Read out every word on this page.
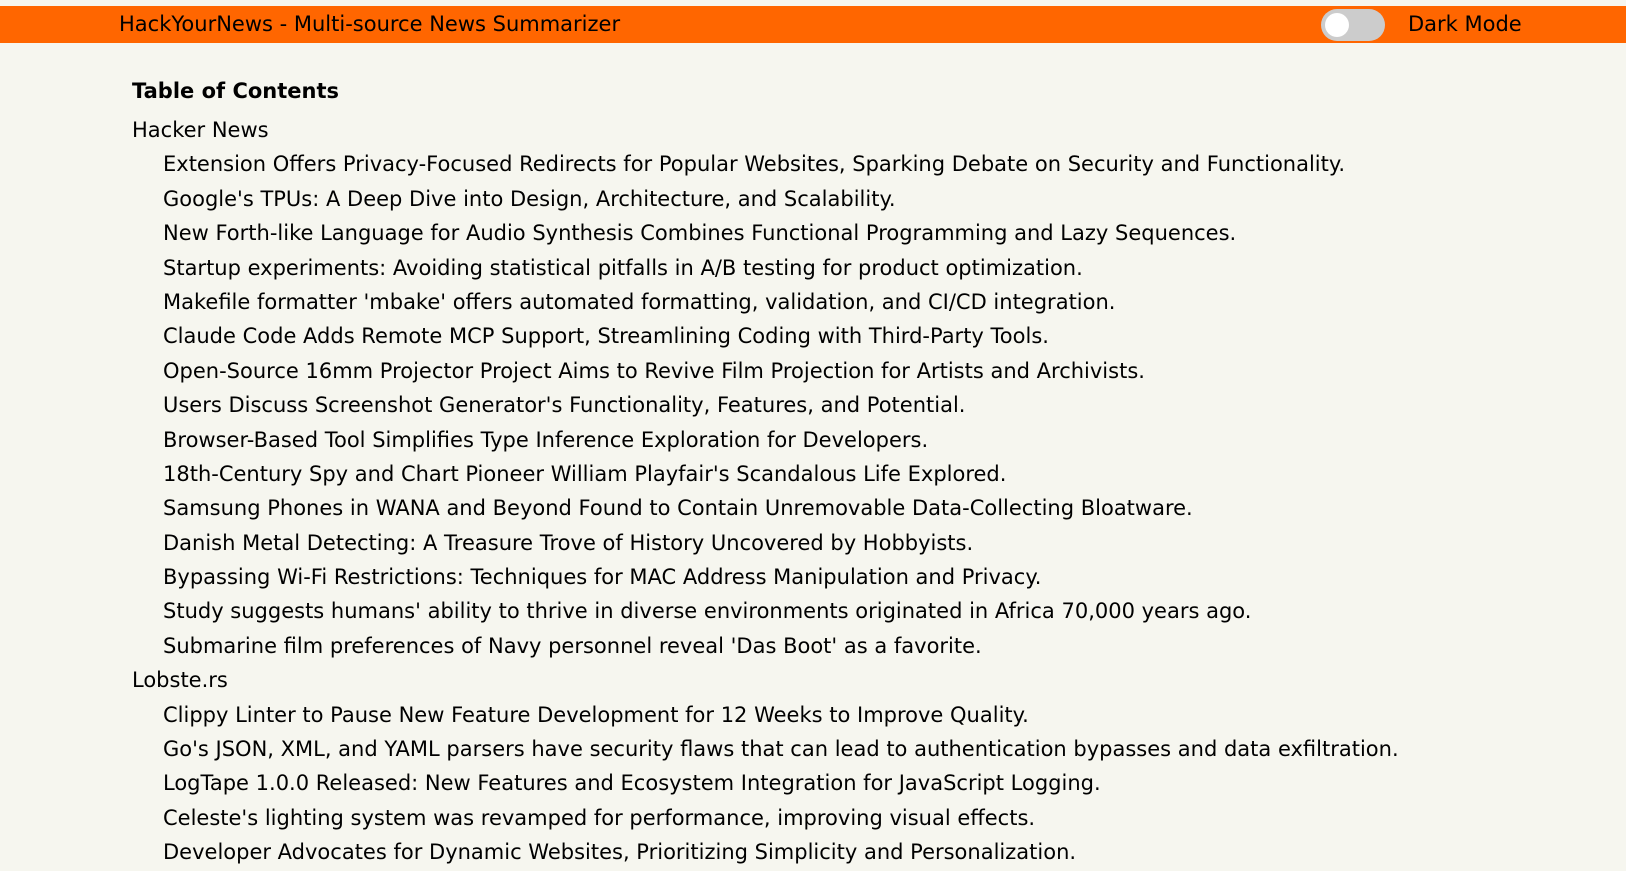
HackYourNews - Multi-source News Summarizer	Dark Mode
Table of Contents
Hacker News
Extension Offers Privacy-Focused Redirects for Popular Websites, Sparking Debate on Security and Functionality.
Google's TPUs: A Deep Dive into Design, Architecture, and Scalability.
New Forth-like Language for Audio Synthesis Combines Functional Programming and Lazy Sequences.
Startup experiments: Avoiding statistical pitfalls in A/B testing for product optimization.
Makefile formatter 'mbake' offers automated formatting, validation, and CI/CD integration.
Claude Code Adds Remote MCP Support, Streamlining Coding with Third-Party Tools.
Open-Source 16mm Projector Project Aims to Revive Film Projection for Artists and Archivists.
Users Discuss Screenshot Generator's Functionality, Features, and Potential.
Browser-Based Tool Simplifies Type Inference Exploration for Developers.
18th-Century Spy and Chart Pioneer William Playfair's Scandalous Life Explored.
Samsung Phones in WANA and Beyond Found to Contain Unremovable Data-Collecting Bloatware.
Danish Metal Detecting: A Treasure Trove of History Uncovered by Hobbyists.
Bypassing Wi-Fi Restrictions: Techniques for MAC Address Manipulation and Privacy.
Study suggests humans' ability to thrive in diverse environments originated in Africa 70,000 years ago.
Submarine film preferences of Navy personnel reveal 'Das Boot' as a favorite.
Lobste.rs
Clippy Linter to Pause New Feature Development for 12 Weeks to Improve Quality.
Go's JSON, XML, and YAML parsers have security flaws that can lead to authentication bypasses and data exfiltration.
LogTape 1.0.0 Released: New Features and Ecosystem Integration for JavaScript Logging.
Celeste's lighting system was revamped for performance, improving visual effects.
Developer Advocates for Dynamic Websites, Prioritizing Simplicity and Personalization.
